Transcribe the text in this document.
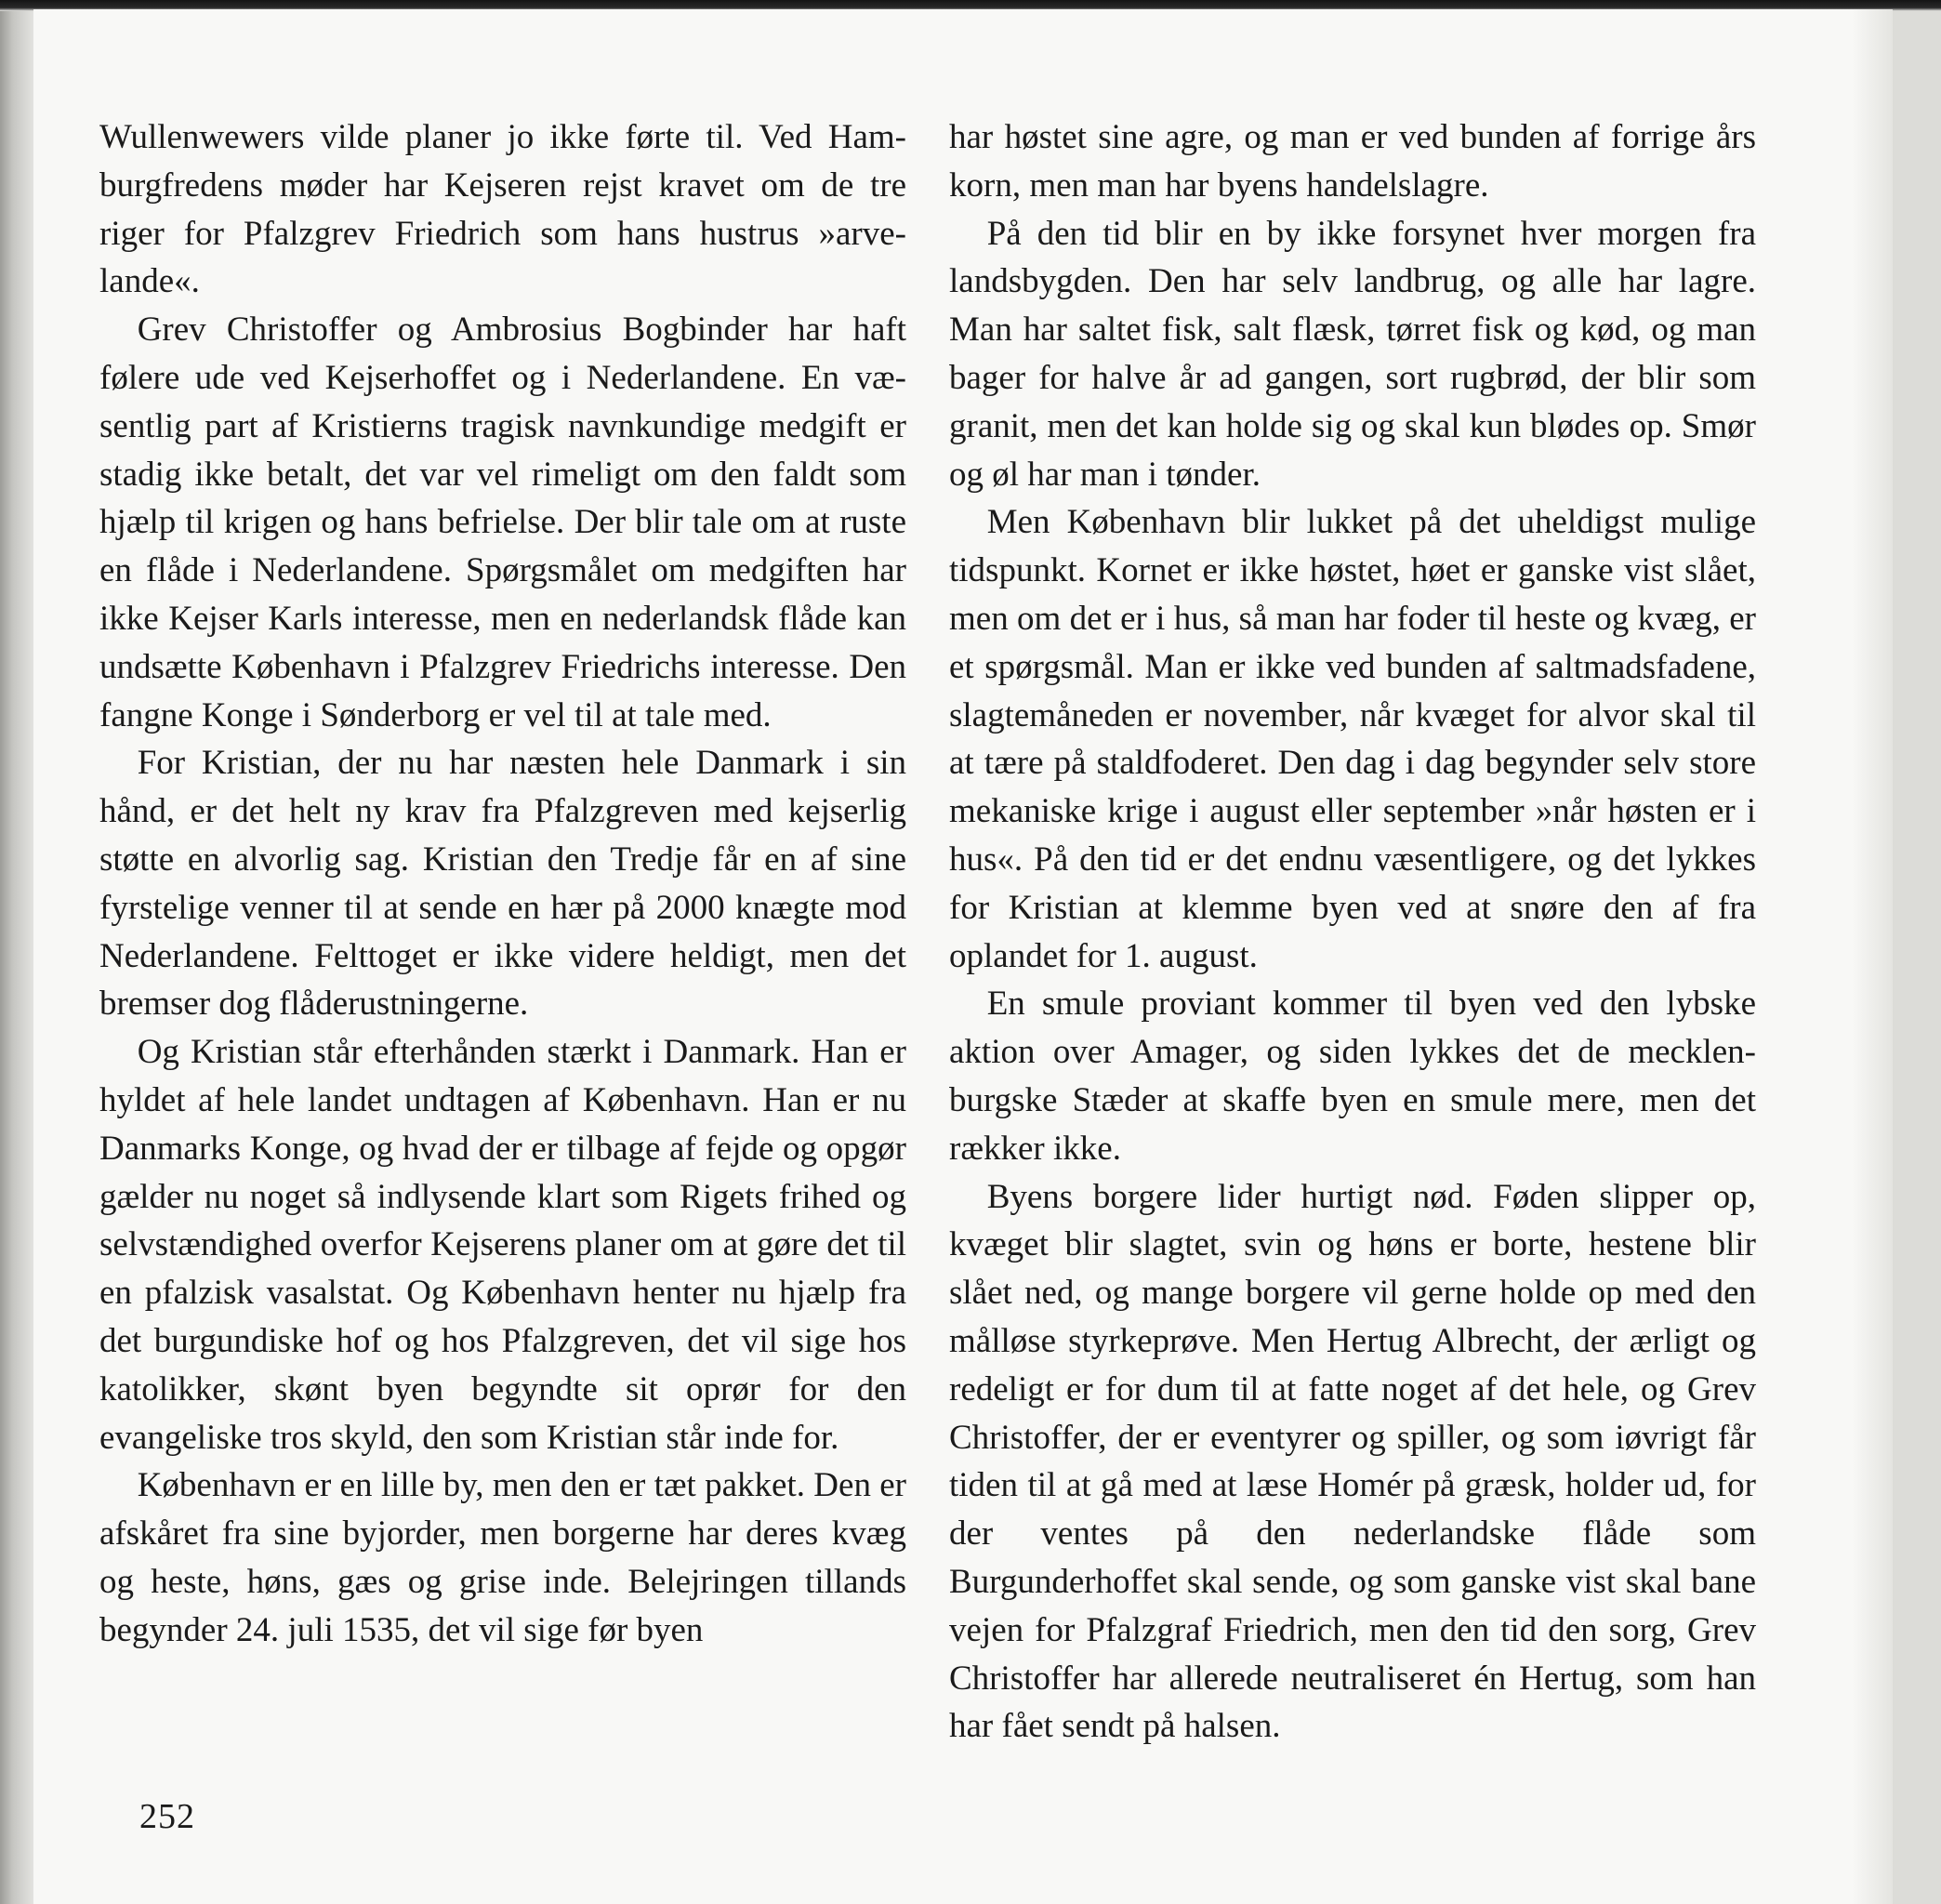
Wullenwewers vilde planer jo ikke førte til. Ved Hamburgfredens møder har Kejseren rejst kravet om de tre riger for Pfalzgrev Friedrich som hans hustrus »arvelande«.

Grev Christoffer og Ambrosius Bogbinder har haft følere ude ved Kejserhoffet og i Nederlandene. En væsentlig part af Kristierns tragisk navnkundige medgift er stadig ikke betalt, det var vel rimeligt om den faldt som hjælp til krigen og hans befrielse. Der blir tale om at ruste en flåde i Nederlandene. Spørgsmålet om medgiften har ikke Kejser Karls interesse, men en nederlandsk flåde kan undsætte København i Pfalzgrev Friedrichs interesse. Den fangne Konge i Sønderborg er vel til at tale med.

For Kristian, der nu har næsten hele Danmark i sin hånd, er det helt ny krav fra Pfalzgreven med kejserlig støtte en alvorlig sag. Kristian den Tredje får en af sine fyrstelige venner til at sende en hær på 2000 knægte mod Nederlandene. Felttoget er ikke videre heldigt, men det bremser dog flåderustningerne.

Og Kristian står efterhånden stærkt i Danmark. Han er hyldet af hele landet undtagen af København. Han er nu Danmarks Konge, og hvad der er tilbage af fejde og opgør gælder nu noget så indlysende klart som Rigets frihed og selvstændighed overfor Kejserens planer om at gøre det til en pfalzisk vasalstat. Og København henter nu hjælp fra det burgundiske hof og hos Pfalzgreven, det vil sige hos katolikker, skønt byen begyndte sit oprør for den evangeliske tros skyld, den som Kristian står inde for.

København er en lille by, men den er tæt pakket. Den er afskåret fra sine byjorder, men borgerne har deres kvæg og heste, høns, gæs og grise inde. Belejringen tillands begynder 24. juli 1535, det vil sige før byen

har høstet sine agre, og man er ved bunden af forrige års korn, men man har byens handelslagre.

På den tid blir en by ikke forsynet hver morgen fra landsbygden. Den har selv landbrug, og alle har lagre. Man har saltet fisk, salt flæsk, tørret fisk og kød, og man bager for halve år ad gangen, sort rugbrød, der blir som granit, men det kan holde sig og skal kun blødes op. Smør og øl har man i tønder.

Men København blir lukket på det uheldigst mulige tidspunkt. Kornet er ikke høstet, høet er ganske vist slået, men om det er i hus, så man har foder til heste og kvæg, er et spørgsmål. Man er ikke ved bunden af saltmadsfadene, slagtemåneden er november, når kvæget for alvor skal til at tære på staldfoderet. Den dag i dag begynder selv store mekaniske krige i august eller september »når høsten er i hus«. På den tid er det endnu væsentligere, og det lykkes for Kristian at klemme byen ved at snøre den af fra oplandet for 1. august.

En smule proviant kommer til byen ved den lybske aktion over Amager, og siden lykkes det de mecklenburgske Stæder at skaffe byen en smule mere, men det rækker ikke.

Byens borgere lider hurtigt nød. Føden slipper op, kvæget blir slagtet, svin og høns er borte, hestene blir slået ned, og mange borgere vil gerne holde op med den målløse styrkeprøve. Men Hertug Albrecht, der ærligt og redeligt er for dum til at fatte noget af det hele, og Grev Christoffer, der er eventyrer og spiller, og som iøvrigt får tiden til at gå med at læse Homér på græsk, holder ud, for der ventes på den nederlandske flåde som Burgunderhoffet skal sende, og som ganske vist skal bane vejen for Pfalzgraf Friedrich, men den tid den sorg, Grev Christoffer har allerede neutraliseret én Hertug, som han har fået sendt på halsen.

252
